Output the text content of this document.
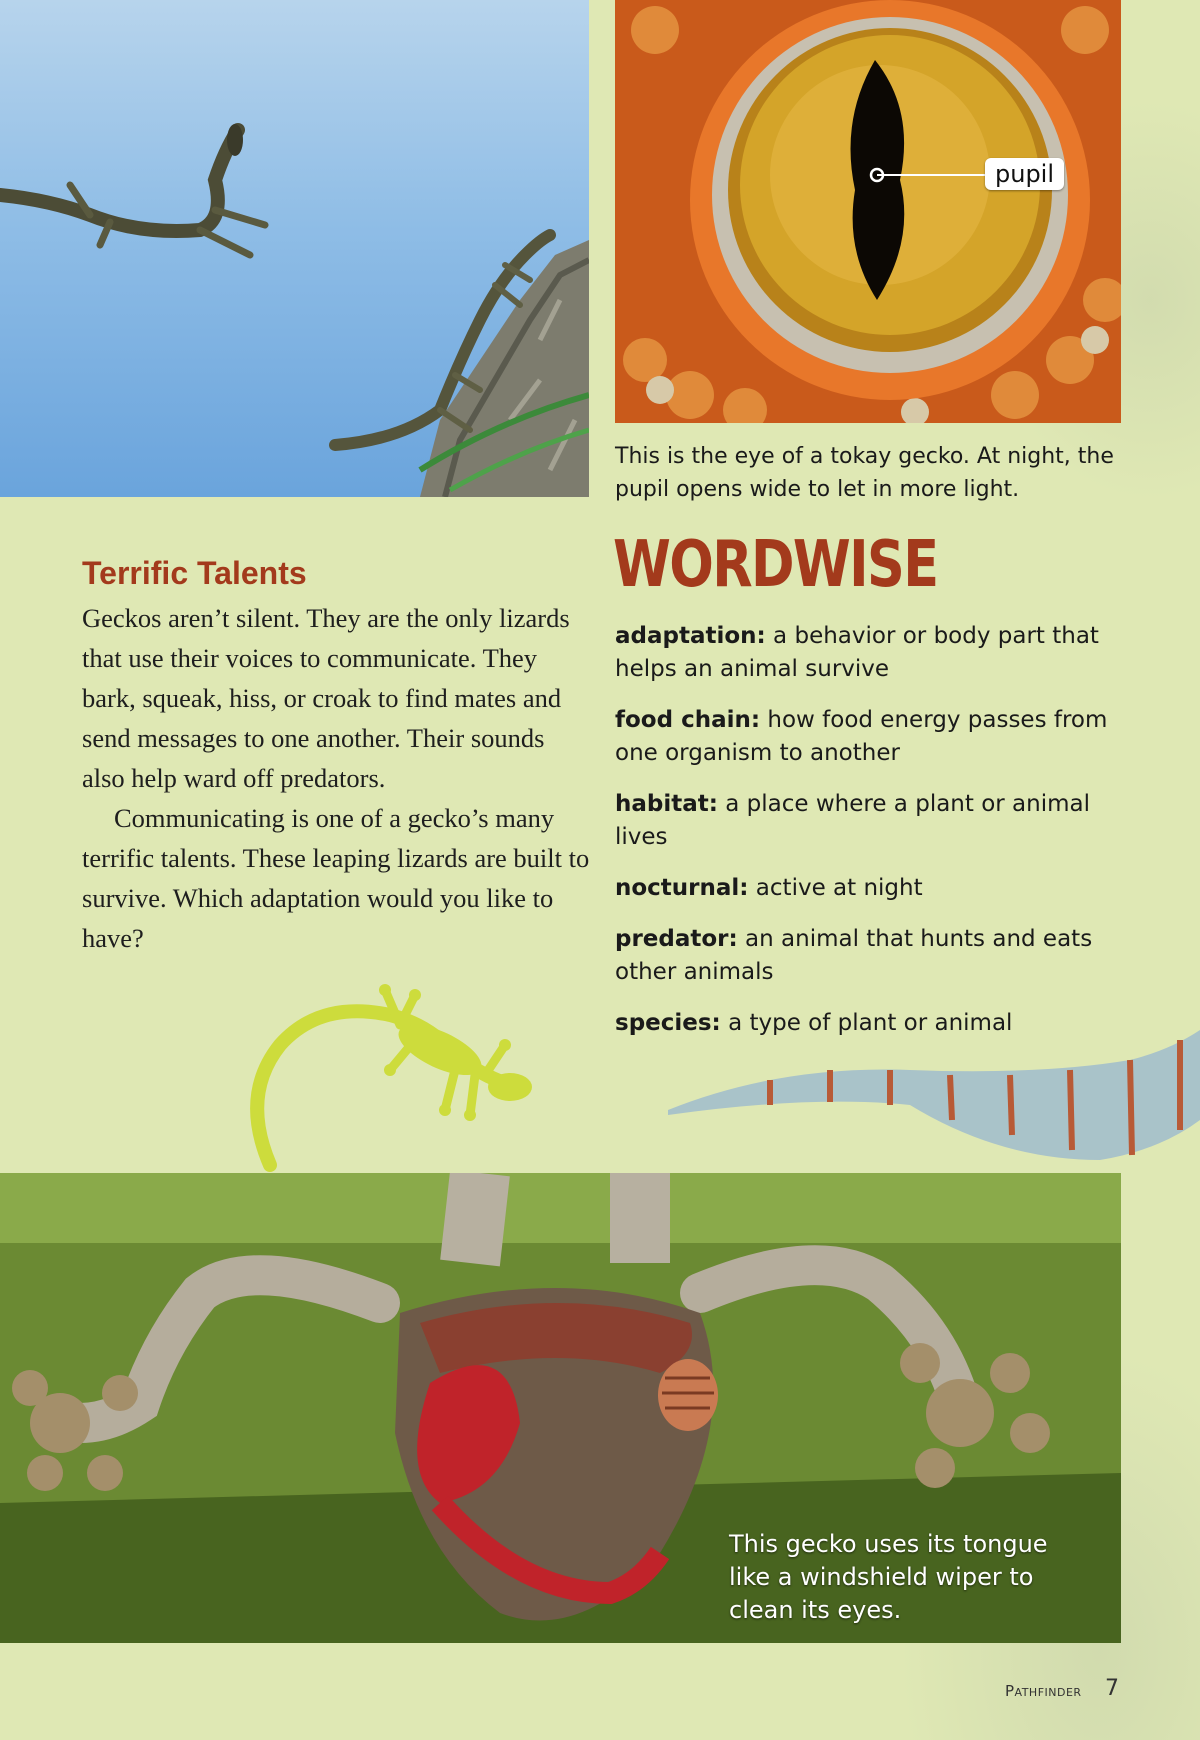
pupil
This is the eye of a tokay gecko. At night, the pupil opens wide to let in more light.
Terrific Talents

Geckos aren’t silent. They are the only lizards that use their voices to communicate. They bark, squeak, hiss, or croak to find mates and send messages to one another. Their sounds also help ward off predators.

Communicating is one of a gecko’s many terrific talents. These leaping lizards are built to survive. Which adaptation would you like to have?

WORDWISE
adaptation: a behavior or body part that helps an animal survive
food chain: how food energy passes from one organism to another
habitat: a place where a plant or animal lives
nocturnal: active at night
predator: an animal that hunts and eats other animals
species: a type of plant or animal
This gecko uses its tongue like a windshield wiper to clean its eyes.
Pathfinder 7
